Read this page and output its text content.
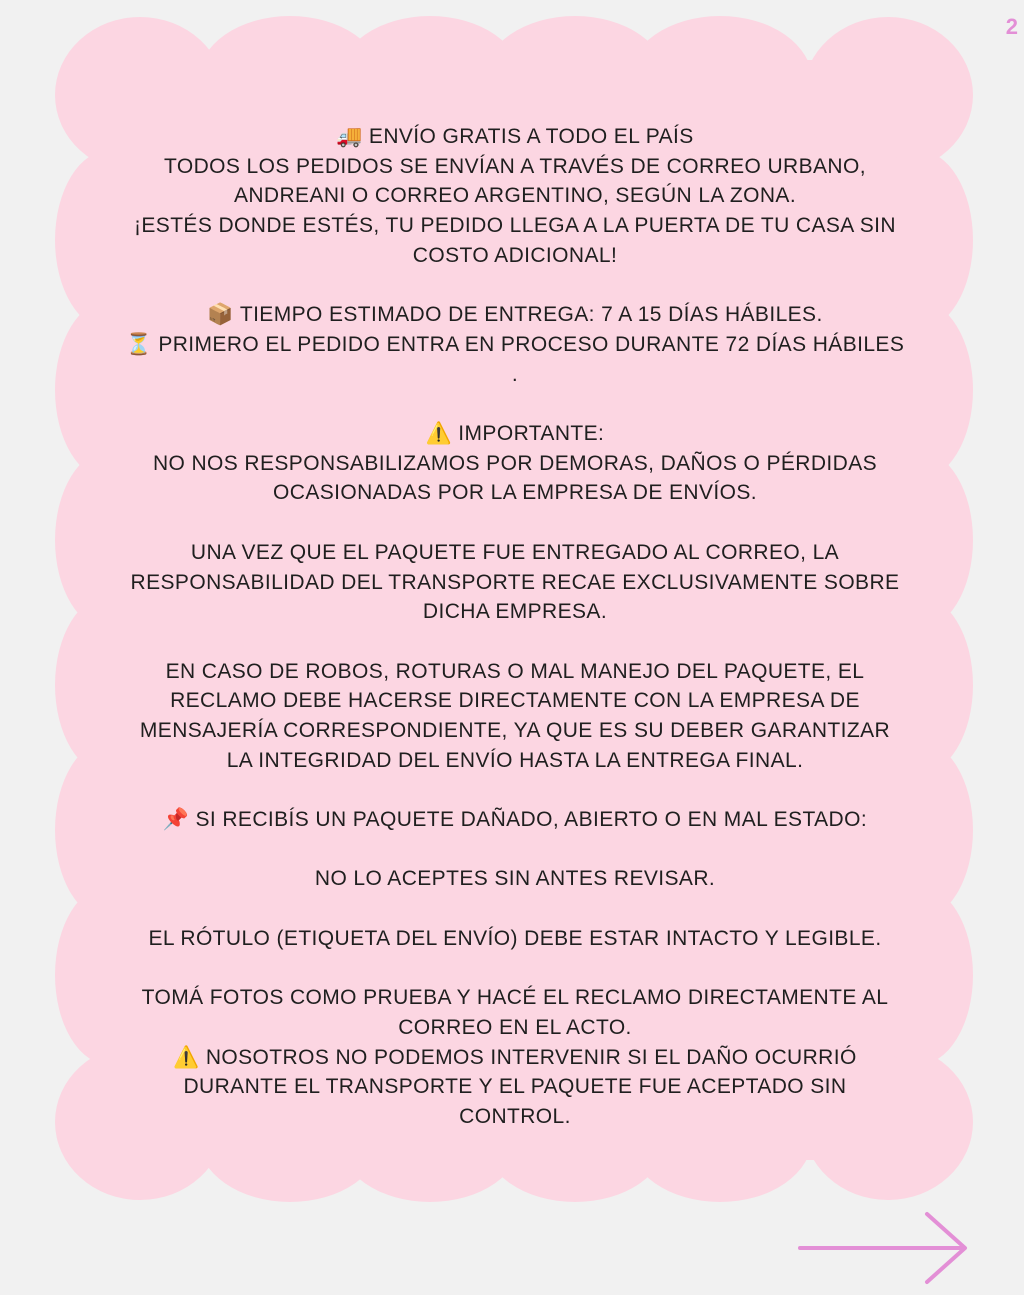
2

🚚 ENVÍO GRATIS A TODO EL PAÍS

TODOS LOS PEDIDOS SE ENVÍAN A TRAVÉS DE CORREO URBANO,

ANDREANI O CORREO ARGENTINO, SEGÚN LA ZONA.

¡ESTÉS DONDE ESTÉS, TU PEDIDO LLEGA A LA PUERTA DE TU CASA SIN

COSTO ADICIONAL!

📦 TIEMPO ESTIMADO DE ENTREGA: 7 A 15 DÍAS HÁBILES.

⏳ PRIMERO EL PEDIDO ENTRA EN PROCESO DURANTE 72 DÍAS HÁBILES

.

⚠️ IMPORTANTE:

NO NOS RESPONSABILIZAMOS POR DEMORAS, DAÑOS O PÉRDIDAS

OCASIONADAS POR LA EMPRESA DE ENVÍOS.

UNA VEZ QUE EL PAQUETE FUE ENTREGADO AL CORREO, LA

RESPONSABILIDAD DEL TRANSPORTE RECAE EXCLUSIVAMENTE SOBRE

DICHA EMPRESA.

EN CASO DE ROBOS, ROTURAS O MAL MANEJO DEL PAQUETE, EL

RECLAMO DEBE HACERSE DIRECTAMENTE CON LA EMPRESA DE

MENSAJERÍA CORRESPONDIENTE, YA QUE ES SU DEBER GARANTIZAR

LA INTEGRIDAD DEL ENVÍO HASTA LA ENTREGA FINAL.

📌 SI RECIBÍS UN PAQUETE DAÑADO, ABIERTO O EN MAL ESTADO:

NO LO ACEPTES SIN ANTES REVISAR.

EL RÓTULO (ETIQUETA DEL ENVÍO) DEBE ESTAR INTACTO Y LEGIBLE.

TOMÁ FOTOS COMO PRUEBA Y HACÉ EL RECLAMO DIRECTAMENTE AL

CORREO EN EL ACTO.

⚠️ NOSOTROS NO PODEMOS INTERVENIR SI EL DAÑO OCURRIÓ

DURANTE EL TRANSPORTE Y EL PAQUETE FUE ACEPTADO SIN

CONTROL.
